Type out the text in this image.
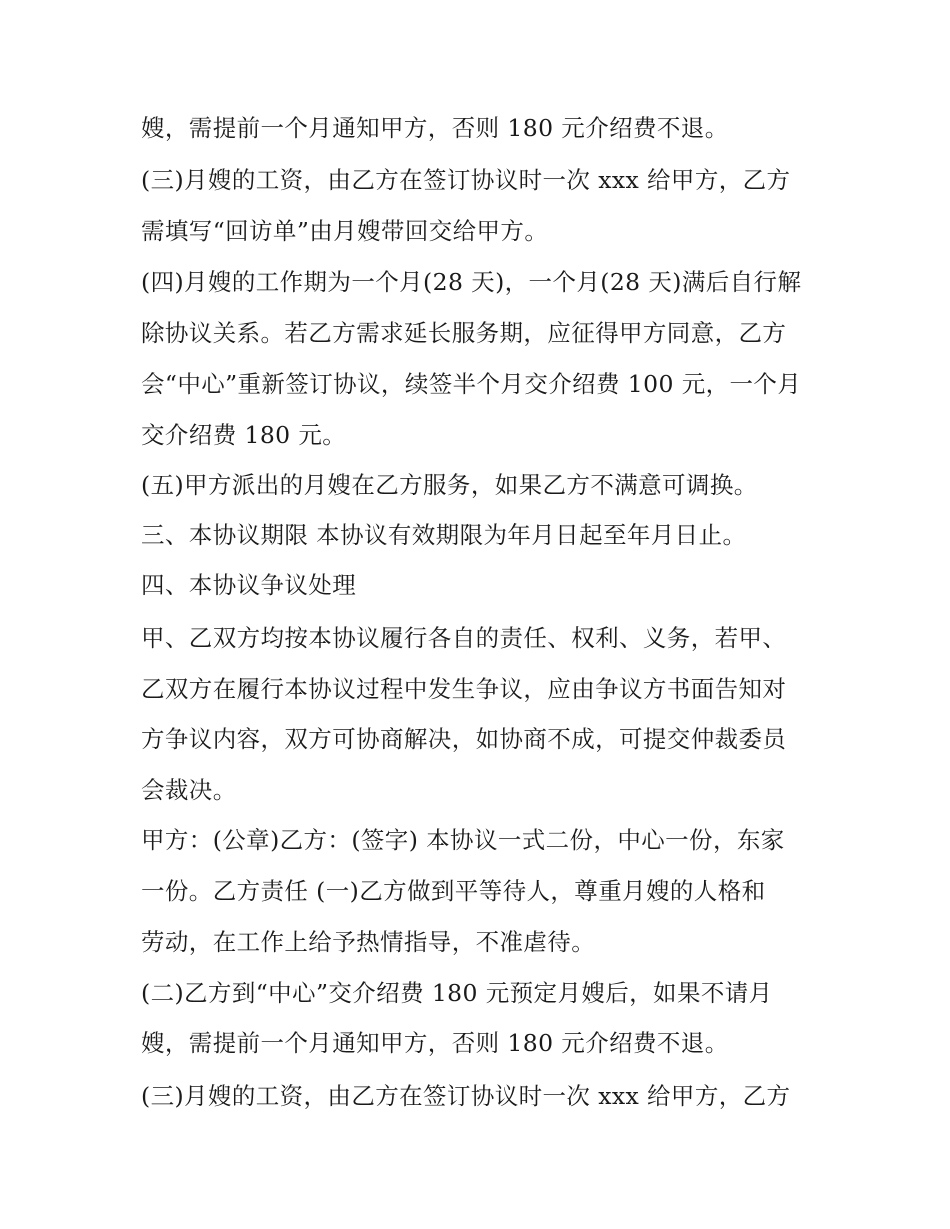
嫂，需提前一个月通知甲方，否则 180 元介绍费不退。
(三)月嫂的工资，由乙方在签订协议时一次 xxx 给甲方，乙方
需填写“回访单”由月嫂带回交给甲方。
(四)月嫂的工作期为一个月(28 天)，一个月(28 天)满后自行解
除协议关系。若乙方需求延长服务期，应征得甲方同意，乙方
会“中心”重新签订协议，续签半个月交介绍费 100 元，一个月
交介绍费 180 元。
(五)甲方派出的月嫂在乙方服务，如果乙方不满意可调换。
三、本协议期限 本协议有效期限为年月日起至年月日止。
四、本协议争议处理
甲、乙双方均按本协议履行各自的责任、权利、义务，若甲、
乙双方在履行本协议过程中发生争议，应由争议方书面告知对
方争议内容，双方可协商解决，如协商不成，可提交仲裁委员
会裁决。
甲方：(公章)乙方：(签字) 本协议一式二份，中心一份，东家
一份。乙方责任 (一)乙方做到平等待人，尊重月嫂的人格和
劳动，在工作上给予热情指导，不准虐待。
(二)乙方到“中心”交介绍费 180 元预定月嫂后，如果不请月
嫂，需提前一个月通知甲方，否则 180 元介绍费不退。
(三)月嫂的工资，由乙方在签订协议时一次 xxx 给甲方，乙方
